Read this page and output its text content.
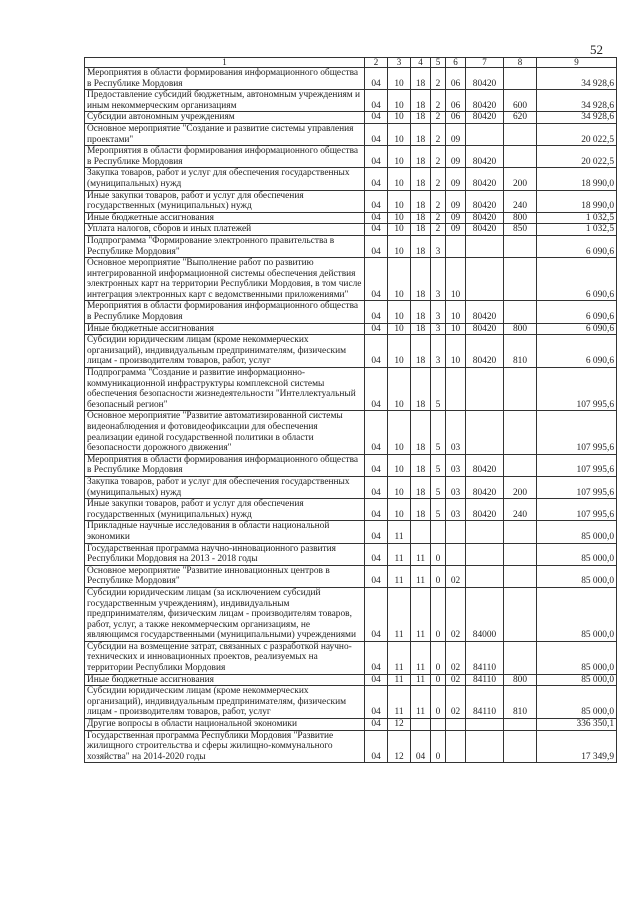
52
1	2	3	4	5	6	7	8	9
Мероприятия в области формирования информационного общества в Республике Мордовия	04	10	18	2	06	80420		34 928,6
Предоставление субсидий бюджетным, автономным учреждениям и иным некоммерческим организациям	04	10	18	2	06	80420	600	34 928,6
Субсидии автономным учреждениям	04	10	18	2	06	80420	620	34 928,6
Основное мероприятие "Создание и развитие системы управления проектами"	04	10	18	2	09			20 022,5
Мероприятия в области формирования информационного общества в Республике Мордовия	04	10	18	2	09	80420		20 022,5
Закупка товаров, работ и услуг для обеспечения государственных (муниципальных) нужд	04	10	18	2	09	80420	200	18 990,0
Иные закупки товаров, работ и услуг для обеспечения государственных (муниципальных) нужд	04	10	18	2	09	80420	240	18 990,0
Иные бюджетные ассигнования	04	10	18	2	09	80420	800	1 032,5
Уплата налогов, сборов и иных платежей	04	10	18	2	09	80420	850	1 032,5
Подпрограмма "Формирование электронного правительства в Республике Мордовия"	04	10	18	3				6 090,6
Основное мероприятие "Выполнение работ по развитию интегрированной информационной системы обеспечения действия электронных карт на территории Республики Мордовия, в том числе интеграция электронных карт с ведомственными приложениями"	04	10	18	3	10			6 090,6
Мероприятия в области формирования информационного общества в Республике Мордовия	04	10	18	3	10	80420		6 090,6
Иные бюджетные ассигнования	04	10	18	3	10	80420	800	6 090,6
Субсидии юридическим лицам (кроме некоммерческих организаций), индивидуальным предпринимателям, физическим лицам - производителям товаров, работ, услуг	04	10	18	3	10	80420	810	6 090,6
Подпрограмма "Создание и развитие информационно-коммуникационной инфраструктуры комплексной системы обеспечения безопасности жизнедеятельности "Интеллектуальный безопасный регион"	04	10	18	5				107 995,6
Основное мероприятие "Развитие автоматизированной системы видеонаблюдения и фотовидеофиксации для обеспечения реализации единой государственной политики в области безопасности дорожного движения"	04	10	18	5	03			107 995,6
Мероприятия в области формирования информационного общества в Республике Мордовия	04	10	18	5	03	80420		107 995,6
Закупка товаров, работ и услуг для обеспечения государственных (муниципальных) нужд	04	10	18	5	03	80420	200	107 995,6
Иные закупки товаров, работ и услуг для обеспечения государственных (муниципальных) нужд	04	10	18	5	03	80420	240	107 995,6
Прикладные научные исследования в области национальной экономики	04	11						85 000,0
Государственная программа научно-инновационного развития Республики Мордовия на 2013 - 2018 годы	04	11	11	0				85 000,0
Основное мероприятие "Развитие инновационных центров в Республике Мордовия"	04	11	11	0	02			85 000,0
Субсидии юридическим лицам (за исключением субсидий государственным учреждениям), индивидуальным предпринимателям, физическим лицам - производителям товаров, работ, услуг, а также некоммерческим организациям, не являющимся государственными (муниципальными) учреждениями	04	11	11	0	02	84000		85 000,0
Субсидии на возмещение затрат, связанных с разработкой научно-технических и инновационных проектов, реализуемых на территории Республики Мордовия	04	11	11	0	02	84110		85 000,0
Иные бюджетные ассигнования	04	11	11	0	02	84110	800	85 000,0
Субсидии юридическим лицам (кроме некоммерческих организаций), индивидуальным предпринимателям, физическим лицам - производителям товаров, работ, услуг	04	11	11	0	02	84110	810	85 000,0
Другие вопросы в области национальной экономики	04	12						336 350,1
Государственная программа Республики Мордовия "Развитие жилищного строительства и сферы жилищно-коммунального хозяйства" на 2014-2020 годы	04	12	04	0				17 349,9
